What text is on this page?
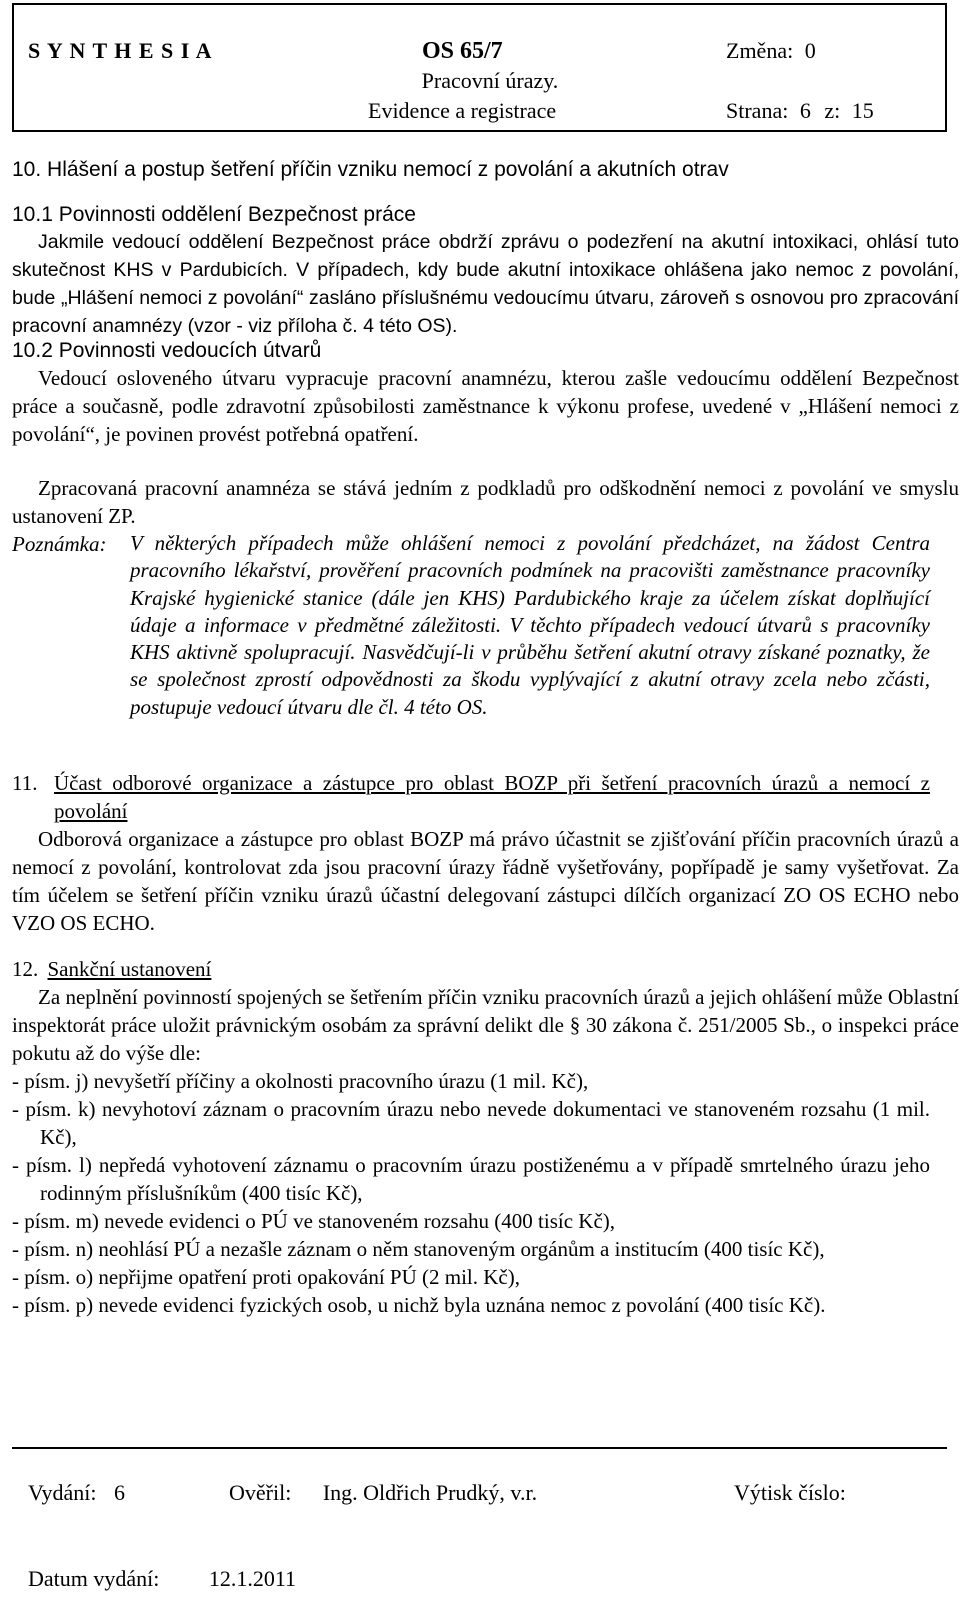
S Y N T H E S I A	OS 65/7
Pracovní úrazy.
Evidence a registrace
Změna: 0
Strana: 6 z: 15
10. Hlášení a postup šetření příčin vzniku nemocí z povolání a akutních otrav
10.1 Povinnosti oddělení Bezpečnost práce
Jakmile vedoucí oddělení Bezpečnost práce obdrží zprávu o podezření na akutní intoxikaci, ohlásí tuto skutečnost KHS v Pardubicích. V případech, kdy bude akutní intoxikace ohlášena jako nemoc z povolání, bude „Hlášení nemoci z povolání“ zasláno příslušnému vedoucímu útvaru, zároveň s osnovou pro zpracování pracovní anamnézy (vzor - viz příloha č. 4 této OS).
10.2 Povinnosti vedoucích útvarů
Vedoucí osloveného útvaru vypracuje pracovní anamnézu, kterou zašle vedoucímu oddělení Bezpečnost práce a současně, podle zdravotní způsobilosti zaměstnance k výkonu profese, uvedené v „Hlášení nemoci z povolání“, je povinen provést potřebná opatření.
Zpracovaná pracovní anamnéza se stává jedním z podkladů pro odškodnění nemoci z povolání ve smyslu ustanovení ZP.
Poznámka: V některých případech může ohlášení nemoci z povolání předcházet, na žádost Centra pracovního lékařství, prověření pracovních podmínek na pracovišti zaměstnance pracovníky Krajské hygienické stanice (dále jen KHS) Pardubického kraje za účelem získat doplňující údaje a informace v předmětné záležitosti. V těchto případech vedoucí útvarů s pracovníky KHS aktivně spolupracují. Nasvědčují-li v průběhu šetření akutní otravy získané poznatky, že se společnost zprostí odpovědnosti za škodu vyplývající z akutní otravy zcela nebo zčásti, postupuje vedoucí útvaru dle čl. 4 této OS.
11. Účast odborové organizace a zástupce pro oblast BOZP při šetření pracovních úrazů a nemocí z povolání
Odborová organizace a zástupce pro oblast BOZP má právo účastnit se zjišťování příčin pracovních úrazů a nemocí z povolání, kontrolovat zda jsou pracovní úrazy řádně vyšetřovány, popřípadě je samy vyšetřovat. Za tím účelem se šetření příčin vzniku úrazů účastní delegovaní zástupci dílčích organizací ZO OS ECHO nebo VZO OS ECHO.
12. Sankční ustanovení
Za neplnění povinností spojených se šetřením příčin vzniku pracovních úrazů a jejich ohlášení může Oblastní inspektorát práce uložit právnickým osobám za správní delikt dle § 30 zákona č. 251/2005 Sb., o inspekci práce pokutu až do výše dle:
- písm. j) nevyšetří příčiny a okolnosti pracovního úrazu (1 mil. Kč),
- písm. k) nevyhotoví záznam o pracovním úrazu nebo nevede dokumentaci ve stanoveném rozsahu (1 mil. Kč),
- písm. l) nepředá vyhotovení záznamu o pracovním úrazu postiženému a v případě smrtelného úrazu jeho rodinným příslušníkům (400 tisíc Kč),
- písm. m) nevede evidenci o PÚ ve stanoveném rozsahu (400 tisíc Kč),
- písm. n) neohlásí PÚ a nezašle záznam o něm stanoveným orgánům a institucím (400 tisíc Kč),
- písm. o) nepřijme opatření proti opakování PÚ (2 mil. Kč),
- písm. p) nevede evidenci fyzických osob, u nichž byla uznána nemoc z povolání (400 tisíc Kč).
Vydání: 6	Ověřil: Ing. Oldřich Prudký, v.r.	Výtisk číslo:
Datum vydání: 12.1.2011
